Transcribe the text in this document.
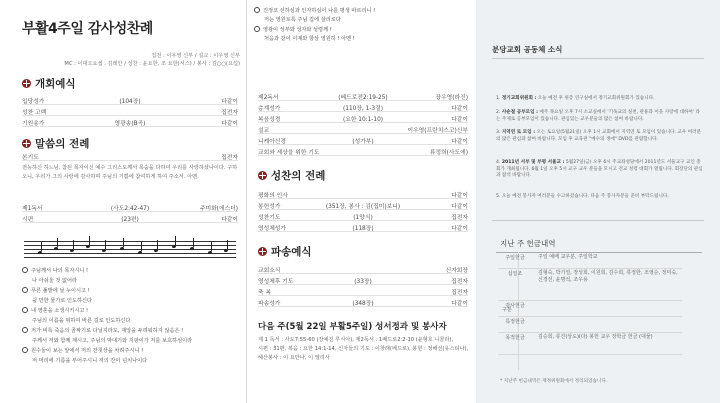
부활4주일 감사성찬례
집전 : 이우영 신부 / 설교 : 이우영 신부
MC : 이대오요셉 , 김레안 / 성찬 : 윤요한, 조 요한(서스) / 봉사 : 김○○(요섭)
개회예식
입당성가	(104장)	다같이
성찬 고백	집전자
기원송가	영광송(B곡)	다같이
말씀의 전례
본기도	집전자
전능하신 하느님, 참된 목자이신 예수 그리스도께서 목숨을 다하여 우리를 사랑하셨나이다. 구하오니, 우리가 그의 사랑에 감사하며 주님의 기쁨에 참여하게 하여 주소서. 아멘.
제1독서	(사도2:42-47)	주미화(에스더)
시편	(23편)	다같이
주님께서 나의 목자시니 !
나 아쉬울 것 없어라
푸른 풀밭에 날 누이시고 !
쉴 만한 물가로 인도하신다
내 영혼을 소생시키시고 !
주님의 이름을 위하여 바른 길로 인도하신다
저가 비록 죽음의 골짜기로 다닐지라도, 재앙을 두려워하지 않음은 !
주께서 저와 함께 계시고, 주님의 막대기와 지팡이가 저를 보호하심이라
원수들이 보는 앞에서 저의 잔칫상을 차려주시니 !
저 머리에 기름을 부어주시니 저의 잔이 넘치나이다
진정코 선하심과 인자하심이 나를 평생 따르리니 !
저는 영원토록 주님 집에 살리로다
영광이 성부와 성자와 성령께 !
처음과 같이 이제와 항상 영원히 ! 아멘 !
제2독서	(베드로전2:19-25)	장우영(라진)
층계성가	(110장, 1-3절)	다같이
복음성경	(요한 10:1-10)	다같이
설교	이우영(프란치스코)신부
니케아신경	(성가부)	다같이
교회와 세상을 위한 기도	류정희(사도에)
성찬의 전례
평화의 인사	다같이
봉헌성가	(351장, 봉사 : 김(집미)보니)	다같이
성찬기도	(1양식)	집전자
영성체성가	(118장)	다같이
파송예식
교회소식	신자회장
영성체후 기도	(33장)	집전자
축 복	집전자
파송성가	(348장)	다같이
다음 주(5월 22일 부활5주일) 성서정과 및 봉사자
제 1 독서 : 사도7:55-60 (장예진 루시아), 제2독서 : 1베드로2:2-10 (윤형호 니콜라),
시편 : 31편, 복음 : 요한 14:1-14, 신자들의 기도 : 이창래(베드로), 봉헌 : 정해선(유스티나),
헤산봉사 : 이 요안나, 이 엘리사
분당교회 공동체 소식
1. 정기교회위원회 : 오늘 예전 후 위층 연구실에서 정기교회위원회가 있습니다.
2. 사순절 공부모임 : 매주 목요일 오후 7시 소교실에서 '기독교의 실천, 관용과 이웃 사랑에 대하여' 라는 주제로 공부모임이 있습니다. 관심있는 교우분들의 많은 참여 바랍니다.
3. 지역연 토 모임 : 오는 토요일(5월21일) 오후 1시 교회에서 지역연 토 모임이 있습니다. 교우 여러분의 많은 관심과 참여 바랍니다. 모임 후 교육관 "예수의 생애" DVD를 관람합니다.
4. 2011년 서부 및 부평 서울교 : 5월27일(금) 오후 6시 주교좌성당에서 2011년도 서울교구 교인 총회가 개최됩니다. 6월 1일 오후 5시 교구 교우 분들을 모시고 전교 성령 대회가 열립니다. 회장단의 관심과 참석 바랍니다.
5. 오늘 예전 봉사자 여러분들 수고하셨습니다. 다음 주 봉사자분들 준비 부탁드립니다.
지난 주 헌금내역
구분
주일헌금	주일 예배 교우분, 주일학교
십일조	김형숙, 박기열, 장성희, 이원희, 김수희, 류정한, 조영순, 정미숙, 신경선, 윤명석, 조우용
감사헌금
특정헌금
목적헌금	김승희, 류진(상도)(다) 봉헌 교우 장학금 헌금 (대물)
* 지난주 헌금내역은 재정위원회에서 정리되었습니다.
